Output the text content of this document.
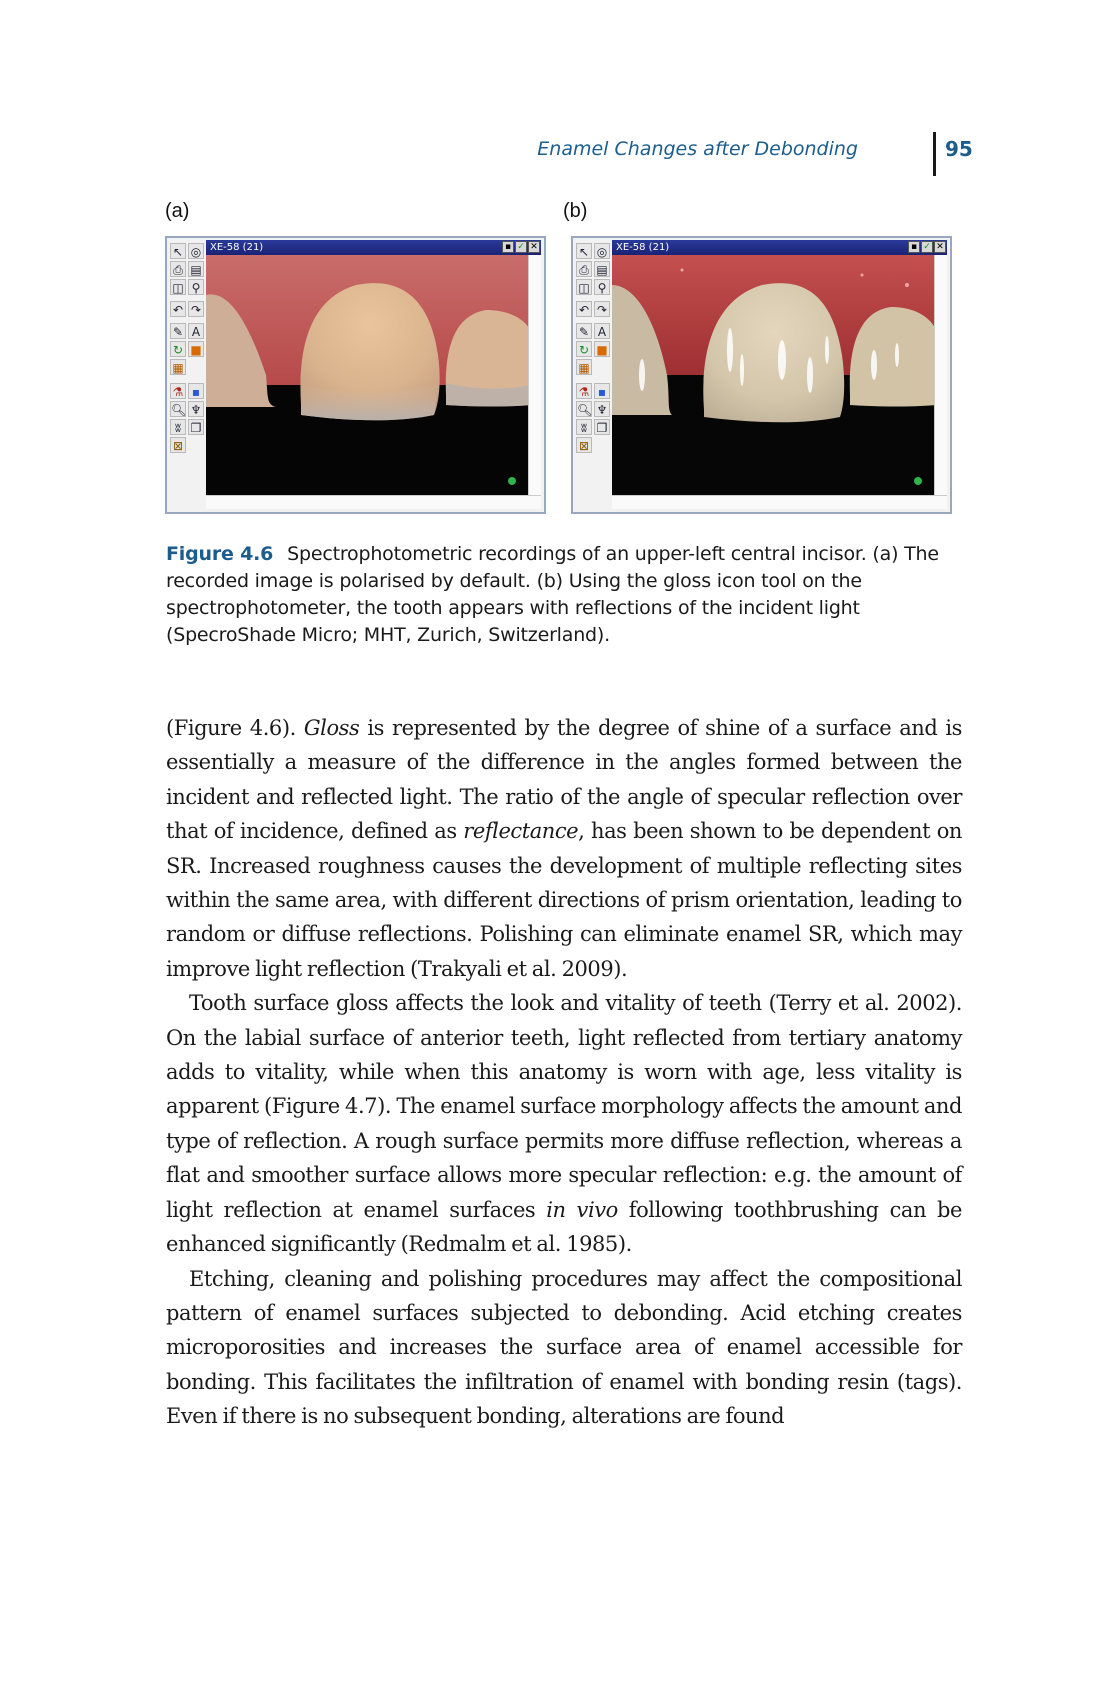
Enamel Changes after Debonding	95
(a)	(b)
↖ ◎
⎙ ▤
◫ ⚲
↶ ↷
✎ A
↻ ■
▦
⚗ ▪
🔍︎ ♆
ʬ ❐
⊠
XE-58 (21)	▪ ✓ ✕	↖ ◎
⎙ ▤
◫ ⚲
↶ ↷
✎ A
↻ ■
▦
⚗ ▪
🔍︎ ♆
ʬ ❐
⊠
XE-58 (21)	▪ ✓ ✕
Figure 4.6 Spectrophotometric recordings of an upper-left central incisor. (a) The recorded image is polarised by default. (b) Using the gloss icon tool on the spectrophotometer, the tooth appears with reflections of the incident light (SpecroShade Micro; MHT, Zurich, Switzerland).

(Figure 4.6). Gloss is represented by the degree of shine of a surface and is essentially a measure of the difference in the angles formed between the incident and reflected light. The ratio of the angle of specular reflection over that of incidence, defined as reflectance, has been shown to be dependent on SR. Increased roughness causes the development of multiple reflecting sites within the same area, with different directions of prism orientation, leading to random or diffuse reflections. Polishing can eliminate enamel SR, which may improve light reflection (Trakyali et al. 2009).

Tooth surface gloss affects the look and vitality of teeth (Terry et al. 2002). On the labial surface of anterior teeth, light reflected from tertiary anatomy adds to vitality, while when this anatomy is worn with age, less vitality is apparent (Figure 4.7). The enamel surface morphology affects the amount and type of reflection. A rough surface permits more diffuse reflection, whereas a flat and smoother surface allows more specular reflection: e.g. the amount of light reflection at enamel surfaces in vivo following toothbrushing can be enhanced significantly (Redmalm et al. 1985).

Etching, cleaning and polishing procedures may affect the compositional pattern of enamel surfaces subjected to debonding. Acid etching creates microporosities and increases the surface area of enamel accessible for bonding. This facilitates the infiltration of enamel with bonding resin (tags). Even if there is no subsequent bonding, alterations are found
